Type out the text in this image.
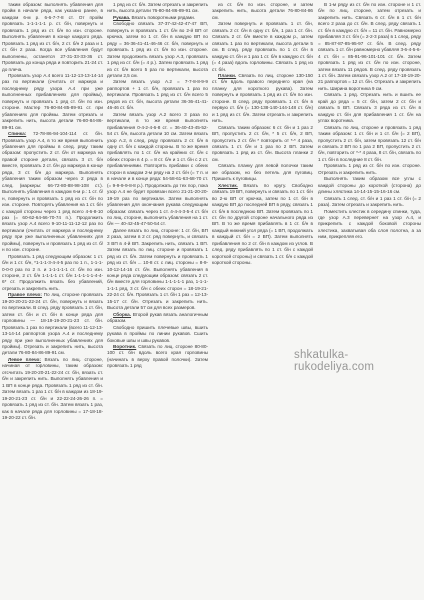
таким образом: выполнять убавления для пройм в начале ряда, как указано ранее, в каждом 6-м р. 6-6-7-7-8 ст. От пройм провязать 1-1-1-1-1 р. ст. б/н, повернуть и провязать 1 ряд из ст. б/н по изн. стороне. Выполнять убавления в конце каждого ряда. Провязать 1 ряд из ст. б/н, 2 ст. б/н 2 раза и 1 ст. б/н 2 раза. Когда все убавления будут выполнены, останется 27-31-33-33-36 ст. Провязать до конца ряда и повторить 21-24 ст. до плеча.

Провязать узор А.4 всего 11-12-13-13-14-14 раз по вертикали (считать от маркера и последнему ряду узора А.4 при уже выполненных прибавлениях для проймы), повернуть и провязать 1 ряд ст. б/н по изн. стороне. Мастер 76-80-84-85-89-91 ст. при убавлениях для проймы. Затем отрезать и закрепить нить, высота детали 76-80-84-86-89-91 см.

Спинка: 72-78-86-94-104-114 ст. б/н. Провязать узор А.4, в то же время выполнить убавления для проймы в след. ряду таким образом: пропустить 2 ст. б/н от маркера на правой стороне детали, связать 3 ст. б/н вместе, провязать 2 ст. б/н до маркера в конце ряда, 3 ст. б/н до маркера. Выполнять убавления таким образом через 2 ряда в след. (маркеры: 66-72-80-88-98-108 ст.). Выполнять убавления в каждом 6-м р.: 1 ст. б/н, повернуть и провязать 1 ряд из ст. б/н по изн. стороне. Повторять убавления на 1 ст. б/н с каждой стороны через 1 ряд всего 4-6-8-10 раз (= 60-62-64-66-70-74 п.). Продолжить вязать узор А.4 всего 9-10-11-11-12-12 раз по вертикали (считать от маркера и последнему ряду при уже выполненных убавлениях для проймы), повернуть и провязать 1 ряд из ст. б/н по изн. стороне.

Провязать 1 ряд следующим образом: 1 ст. б/н и 1 ст. б/н, *1-1-1-3-4-4-5 раз по 1 п., 1-1-1-0-0-0 раз по 2 п. и 1-1-1-1-1 ст. б/н по изн. стороне, 2 ст. б/н 1-1-1-1 ст. б/н 1-1-1-1-1-4-4-6* ст. Продолжить вязать без убавлений, отрезать и закрепить нить.

Правое плечо: По лиц. стороне провязать 19-20-20-21-22-24 ст. б/н, повернуть и вязать по вертикали. В след. ряду провязать 1 ст. б/н, затем ст. б/н и ст. б/н в конце ряда для горловины — 18-19-19-20-21-23 ст. б/н. Провязать 1 раз по вертикали (всего 11-12-13-13-14-14 раппортов узора А.4 и последнему ряду при уже выполненных убавлениях для проймы). Отрезать и закрепить нить, высота детали 76-80-84-86-89-91 см.

Левое плечо: Вязать по лиц. стороне, начиная от горловины, таким образом: отсчитать 19-20-20-21-22-24 ст. б/н, вязать ст. б/н и закрепить нить. Выполнять убавления и 1 ВП в конце ряда. Провязать 1 ряд из ст. б/н. Затем вязать 1 раз 1 ст. б/н в каждом из 18-19-19-20-21-23 ст. б/н и 22-22-24-26-26 п. = провязать 1 ряд из ст. б/н. Затем вязать 1 раз, как в начале ряда для горловины = 17-18-18-19-20-22 ст. б/н.

1 ряд из ст. б/н. Затем отрезать и закрепить нить, высота детали 76-80-84-86-89-91 см.

Рукава. Вязать поворотными рядами.

Свободно связать 37-37-42-42-47-47 ВП, повернуть и провязать 1 ст. б/н во 2-й ВП от крючка, затем по 1 ст. б/н в каждую ВП по ряду = 36-36-41-41-46-46 ст. б/н, повернуть и провязать 1 ряд из ст. б/н по изн. стороне. Затем продолжить вязать узор А.3, провязать 1 ряд из ст. б/н (= 4 р.). Затем провязать 1 ряд из ст. б/н всего 5 раз по вертикали, высота детали 2,5 см.

Затем вязать узор А.2 = 7-7-8-8-9-9 раппортов + 1 ст. б/н, провязать 1 раз по вертикали. Провязать 1 ряд из ст. б/н всего 5 рядов из ст. б/н, высота детали 36-36-41-41-46-46 ст. б/н.

Затем вязать узор А.2 всего 3 раза по вертикали, в то же время выполнять прибавления 0-4-2-4-6-8 ст. = 36-40-43-45-52-54 ст. б/н, высота детали 10 см. Затем вязать узор А.2, в след. ряду провязать 2 ст. б/н в одну ст. б/н с каждой стороны. В то же время прибавлять по 1 ст. б/н на крайних ст. б/н с обеих сторон в 4 р. = 8 ст. б/н и 1 ст. б/н с 2 ст. прибавлениями. Повторять прибавки с обеих сторон в каждом 2-м ряду на 2 ст. б/н (= 7 п. и в начале и в конце ряда: 54-58-61-63-68-70 ст. (= 9-9-9-9-8-8 р.). Продолжать до тех пор, пока узор А.4 не будет провязан всего 21-21-20-20-19-19 раз по вертикали. Затем выполнять убавления для окончания рукава следующим образом: связать через 1 ст. 4-4-4-3-5-4 ст. б/н по лиц. стороне, выполнить убавления на 1 ст. б/н — 40-42-45-47-50-54 ст.

Далее вязать по лиц. стороне: 1 ст. б/н, ВП 2 раза, затем в 2 ст. ряд повернуть, и связать 3 ВП в 4-й ВП. Закрепить нить, связать 1 ВП. Затем вязать по лиц. стороне и провязать 1 ряд из ст. б/н. Затем повернуть и провязать 1 ряд из ст. б/н ... 10-8 ст. с лиц. стороны = 8-9-10-12-14-16 ст. б/н. Выполнять убавления в конце ряда следующим образом: связать 2 ст. б/н вместе для горловины 1-1-1-1-1 раз, 1-1-1-1-1-1 ряд, 3 ст. б/н с обеих сторон = 18-19-21-22-24 ст. б/н. Провязать 1 ст. б/н 1 раз = 12-13-15-17 ст. б/н. Отрезать и закрепить нить. Высота детали 57 см для всех размеров.

Сборка. Второй рукав вязать аналогичным образом.

Свободно пришить плечевые швы, вшить рукава в проймы по линии рукавов. Сшить боковые швы и швы рукавов.

Воротник. Связать по лиц. стороне 80-80-100 ст. б/н вдоль всего края горловины (начинать в верху правой полочки). Затем провязать 1 ряд

из ст. б/н по изн. стороне, и затем закрепить нить, высота детали 76-80-84-86 см.

Затем повернуть и провязать 1 ст. б/н, связать 2 ст. б/н в одну ст. б/н, 1 раз 1 ст. б/н. Связать 2 ст. б/н вместе в каждом р., затем связать 1 раз по вертикали, высота детали 5 см. В след. ряду провязать по 1 ст. б/н в каждую ст. б/н и 1 раз 1 ст. б/н в каждую ст. б/н (= 4 раза) вдоль горловины. Связать 1 ряд из ст. б/н.

Планки. Связать по лиц. стороне 130-150 ст. б/н вдоль правого переднего края (на планку для короткого рукава). Затем повернуть и провязать 1 ряд из ст. б/н по изн. стороне. В след. ряду провязать 1 ст. б/н в первую ст. б/н (= 130-138-140-144-148 ст. б/н) и 1 ряд из ст. б/н. Затем отрезать и закрепить нить.

Связать таким образом: 6 ст. б/н и 1 раз 2 ВП, пропустить 2 ст. б/н, * 5 ст. б/н, 2 ВП, пропустить 2 ст. б/н * повторить от *-* 4 раза, связать 1 ст. б/н и 1 раз по 2 ВП. Затем провязать 1 ряд из ст. б/н. Высота планки 2 см.

Связать планку для левой полочки таким же образом, но без петель для пуговиц. Пришить к пуговицы.

Хлестик. Вязать по кругу. Свободно связать 19 ВП, повернуть и связать по 1 ст. б/н во 2-ю ВП от крючка, затем по 1 ст. б/н в каждую ВП до последней ВП в ряду, связать 1 ст. б/н в последнюю ВП. Затем провязать по 1 ст. б/н по другой стороне начального ряда из ВП. В то же время прибавлять в 1 ст. б/н в каждый нижний угол ряда (= 1 ВП, продолжать в каждый ст. б/н = 2 ВП). Затем выполнять прибавления по 2 ст. б/н в каждом из углов. В след. ряду прибавлять по 1 ст. б/н с каждой короткой стороны) и связать 1 ст. б/н с каждой короткой стороны.

В 1-м ряду из ст. б/н по изн. стороне и 1 ст. б/н по лиц. стороне, затем отрезать и закрепить нить. Связать 6 ст. б/н в 1 ст. б/н всего 2 раза до ст. б/н. В след. ряду связать 1 ст. б/н в каждую ст. б/н = 11 ст. б/н. Равномерно прибавляя 3 ст. б/н (= 2-2-3 раза) в 1 след. ряду = 85-87-87-85-95-97 ст. б/н. В след. ряду связать 1 ст. б/н равномерно убавляя 3-6-4-5-6-4 ст. б/н = 85-91-96-101-101 ст. б/н. Затем провязать 1 ряд из ст. б/н по изн. стороне, затем вязать 11 рядов. В след. ряду провязать 1 ст. б/н. Затем связать узор А.2 от 17-18-19-20-21 раппортов = 12 ст. б/н. Отрезать и закрепить нить. Ширина воротника 9 см.

Связать 1 ряд. Отрезать нить и вшить ее край до ряда = 5 ст. б/н, затем 2 ст. б/н и связать 5 ВП. Связать 3 ряда из ст. б/н в каждую ст. б/н для прибавления 1 ст. б/н на углах воротника.

Связать по лиц. стороне и провязать 1 ряд таким образом: 1 ст. б/н и 1 ст. б/н (= 2 ВП), пропустить 2 ст. б/н, затем провязать 12 ст. б/н и связать 2 ВП по 1 раз 2 ВП, пропустить 2 ст. б/н, повторить от *-* 4 раза, 8 ст. б/н, связать по 1 ст. б/н в последние 8 ст. б/н.

Провязать 1 ряд из ст. б/н по изн. стороне. Отрезать и закрепить нить.

Выполнять таким образом все углы с каждой стороны до короткой (сторона) до длины хлястика 14-14-15-15-16-16 см.

Связать 1 след. ст. б/н и 1 раз 1 ст. б/н (= 2 раза). Затем отрезать и закрепить нить.

Поместить хлестик в середину спинки, туда, где узор А.3 перевернет на узор А.4, и прикрепить с каждой боковой стороны хлестика, захватывая оба слоя полотна, а за ним, прикрепляя его.

shkatulka-rukodeliya.com
